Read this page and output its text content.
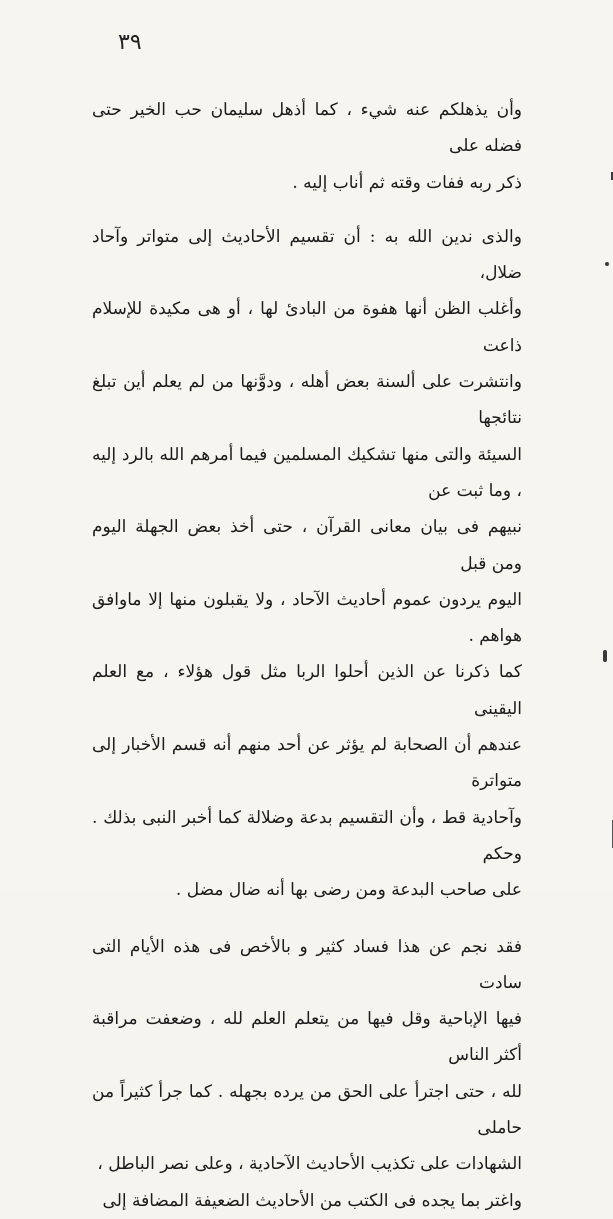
٣٩

وأن يذهلكم عنه شيء ، كما أذهل سليمان حب الخير حتى فضله على
ذكر ربه ففات وقته ثم أناب إليه .

والذى ندين الله به : أن تقسيم الأحاديث إلى متواتر وآحاد ضلال،
وأغلب الظن أنها هفوة من البادئ لها ، أو هى مكيدة للإسلام ذاعت
وانتشرت على ألسنة بعض أهله ، ودوَّنها من لم يعلم أين تبلغ نتائجها
السيئة والتى منها تشكيك المسلمين فيما أمرهم الله بالرد إليه ، وما ثبت عن
نبيهم فى بيان معانى القرآن ، حتى أخذ بعض الجهلة اليوم ومن قبل
اليوم يردون عموم أحاديث الآحاد ، ولا يقبلون منها إلا ماوافق هواهم .
كما ذكرنا عن الذين أحلوا الربا مثل قول هؤلاء ، مع العلم اليقينى
عندهم أن الصحابة لم يؤثر عن أحد منهم أنه قسم الأخبار إلى متواترة
وآحادية قط ، وأن التقسيم بدعة وضلالة كما أخبر النبى بذلك . وحكم
على صاحب البدعة ومن رضى بها أنه ضال مضل .

فقد نجم عن هذا فساد كثير و بالأخص فى هذه الأيام التى سادت
فيها الإباحية وقل فيها من يتعلم العلم لله ، وضعفت مراقبة أكثر الناس
لله ، حتى اجترأ على الحق من يرده بجهله . كما جرأ كثيراً من حاملى
الشهادات على تكذيب الأحاديث الآحادية ، وعلى نصر الباطل ،
واغتر بما يجده فى الكتب من الأحاديث الضعيفة المضافة إلى
